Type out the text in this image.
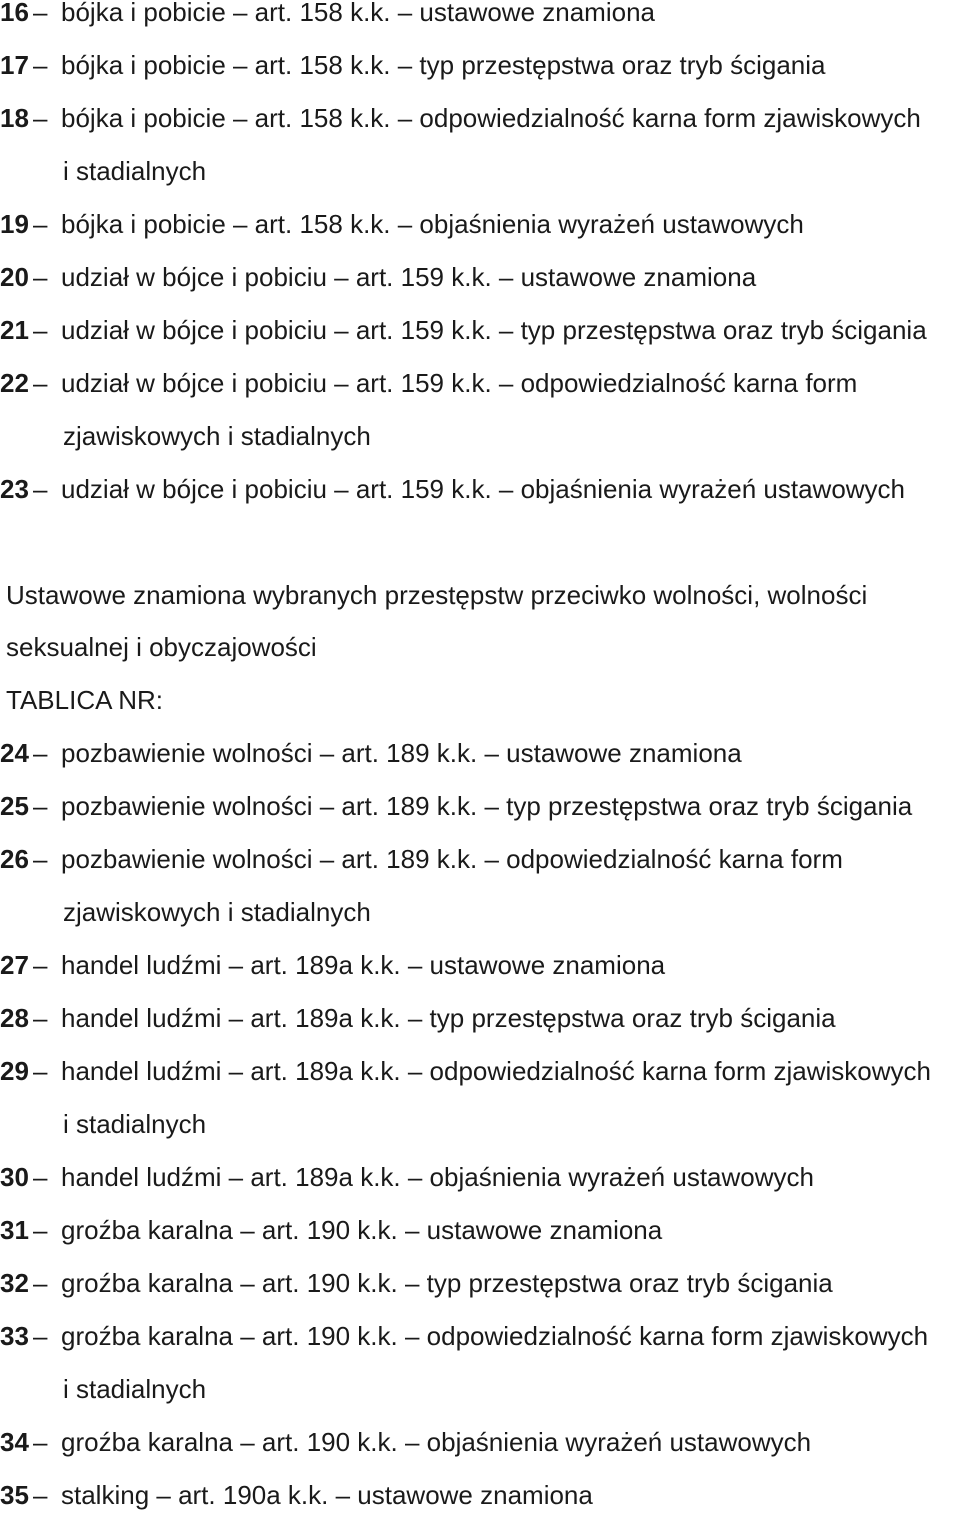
16 – bójka i pobicie – art. 158 k.k. – ustawowe znamiona
17 – bójka i pobicie – art. 158 k.k. – typ przestępstwa oraz tryb ścigania
18 – bójka i pobicie – art. 158 k.k. – odpowiedzialność karna form zjawiskowych
i stadialnych
19 – bójka i pobicie – art. 158 k.k. – objaśnienia wyrażeń ustawowych
20 – udział w bójce i pobiciu – art. 159 k.k. – ustawowe znamiona
21 – udział w bójce i pobiciu – art. 159 k.k. – typ przestępstwa oraz tryb ścigania
22 – udział w bójce i pobiciu – art. 159 k.k. – odpowiedzialność karna form
zjawiskowych i stadialnych
23 – udział w bójce i pobiciu – art. 159 k.k. – objaśnienia wyrażeń ustawowych
Ustawowe znamiona wybranych przestępstw przeciwko wolności, wolności
seksualnej i obyczajowości
TABLICA NR:
24 – pozbawienie wolności – art. 189 k.k. – ustawowe znamiona
25 – pozbawienie wolności – art. 189 k.k. – typ przestępstwa oraz tryb ścigania
26 – pozbawienie wolności – art. 189 k.k. – odpowiedzialność karna form
zjawiskowych i stadialnych
27 – handel ludźmi – art. 189a k.k. – ustawowe znamiona
28 – handel ludźmi – art. 189a k.k. – typ przestępstwa oraz tryb ścigania
29 – handel ludźmi – art. 189a k.k. – odpowiedzialność karna form zjawiskowych
i stadialnych
30 – handel ludźmi – art. 189a k.k. – objaśnienia wyrażeń ustawowych
31 – groźba karalna – art. 190 k.k. – ustawowe znamiona
32 – groźba karalna – art. 190 k.k. – typ przestępstwa oraz tryb ścigania
33 – groźba karalna – art. 190 k.k. – odpowiedzialność karna form zjawiskowych
i stadialnych
34 – groźba karalna – art. 190 k.k. – objaśnienia wyrażeń ustawowych
35 – stalking – art. 190a k.k. – ustawowe znamiona
